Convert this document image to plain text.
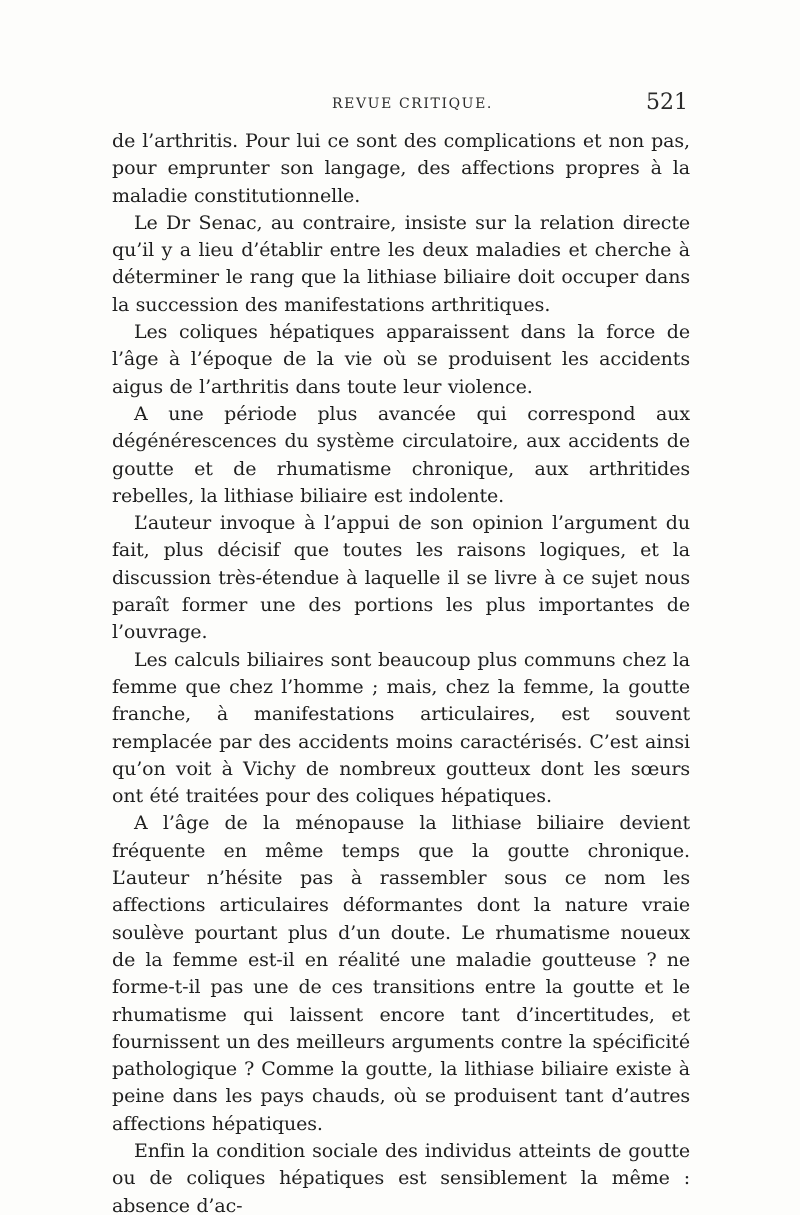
REVUE CRITIQUE.	521

de l’arthritis. Pour lui ce sont des complications et non pas, pour emprunter son langage, des affections propres à la maladie constitutionnelle.

Le Dr Senac, au contraire, insiste sur la relation directe qu’il y a lieu d’établir entre les deux maladies et cherche à déterminer le rang que la lithiase biliaire doit occuper dans la succession des manifestations arthritiques.

Les coliques hépatiques apparaissent dans la force de l’âge à l’époque de la vie où se produisent les accidents aigus de l’arthritis dans toute leur violence.

A une période plus avancée qui correspond aux dégénérescences du système circulatoire, aux accidents de goutte et de rhumatisme chronique, aux arthritides rebelles, la lithiase biliaire est indolente.

L’auteur invoque à l’appui de son opinion l’argument du fait, plus décisif que toutes les raisons logiques, et la discussion très-étendue à laquelle il se livre à ce sujet nous paraît former une des portions les plus importantes de l’ouvrage.

Les calculs biliaires sont beaucoup plus communs chez la femme que chez l’homme ; mais, chez la femme, la goutte franche, à manifestations articulaires, est souvent remplacée par des accidents moins caractérisés. C’est ainsi qu’on voit à Vichy de nombreux goutteux dont les sœurs ont été traitées pour des coliques hépatiques.

A l’âge de la ménopause la lithiase biliaire devient fréquente en même temps que la goutte chronique. L’auteur n’hésite pas à rassembler sous ce nom les affections articulaires déformantes dont la nature vraie soulève pourtant plus d’un doute. Le rhumatisme noueux de la femme est-il en réalité une maladie goutteuse ? ne forme-t-il pas une de ces transitions entre la goutte et le rhumatisme qui laissent encore tant d’incertitudes, et fournissent un des meilleurs arguments contre la spécificité pathologique ? Comme la goutte, la lithiase biliaire existe à peine dans les pays chauds, où se produisent tant d’autres affections hépatiques.

Enfin la condition sociale des individus atteints de goutte ou de coliques hépatiques est sensiblement la même : absence d’ac-
